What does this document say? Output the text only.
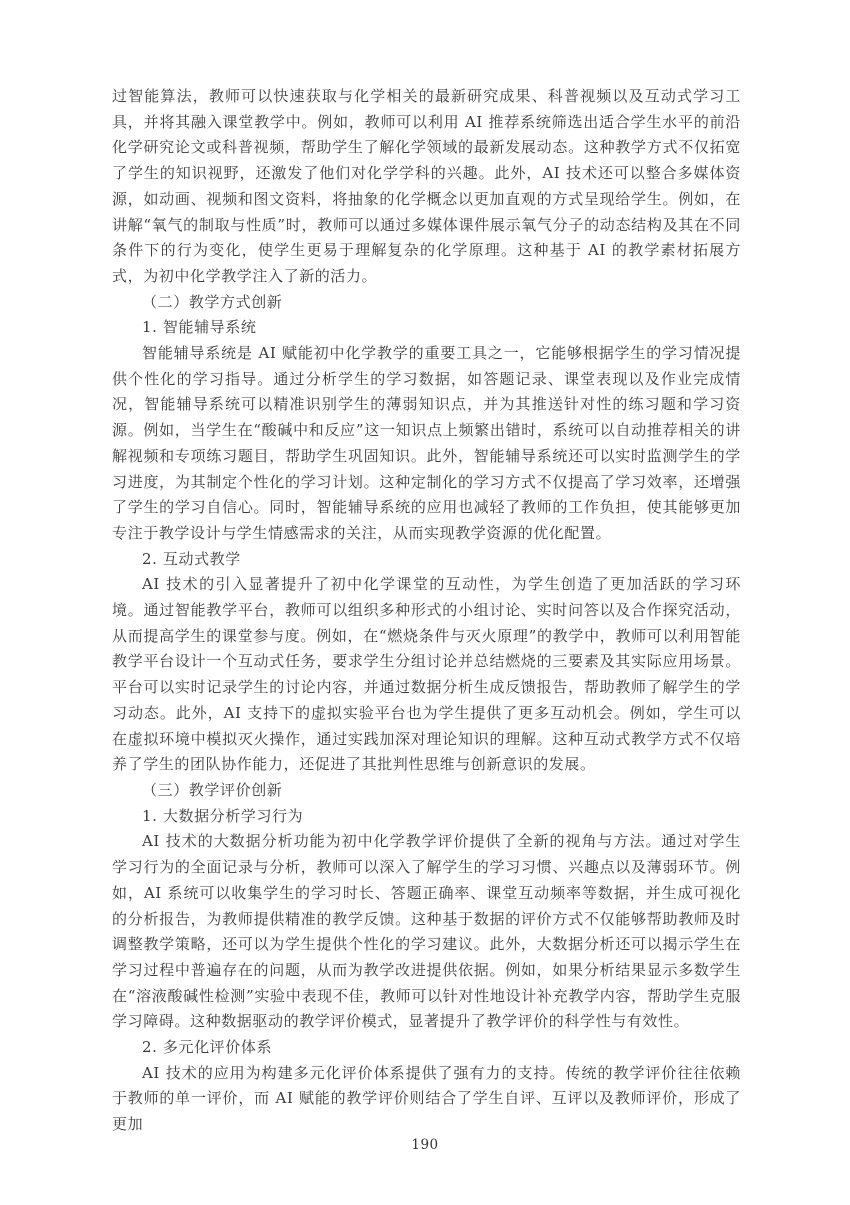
过智能算法，教师可以快速获取与化学相关的最新研究成果、科普视频以及互动式学习工具，并将其融入课堂教学中。例如，教师可以利用 AI 推荐系统筛选出适合学生水平的前沿化学研究论文或科普视频，帮助学生了解化学领域的最新发展动态。这种教学方式不仅拓宽了学生的知识视野，还激发了他们对化学学科的兴趣。此外，AI 技术还可以整合多媒体资源，如动画、视频和图文资料，将抽象的化学概念以更加直观的方式呈现给学生。例如，在讲解“氧气的制取与性质”时，教师可以通过多媒体课件展示氧气分子的动态结构及其在不同条件下的行为变化，使学生更易于理解复杂的化学原理。这种基于 AI 的教学素材拓展方式，为初中化学教学注入了新的活力。

（二）教学方式创新

1. 智能辅导系统

智能辅导系统是 AI 赋能初中化学教学的重要工具之一，它能够根据学生的学习情况提供个性化的学习指导。通过分析学生的学习数据，如答题记录、课堂表现以及作业完成情况，智能辅导系统可以精准识别学生的薄弱知识点，并为其推送针对性的练习题和学习资源。例如，当学生在“酸碱中和反应”这一知识点上频繁出错时，系统可以自动推荐相关的讲解视频和专项练习题目，帮助学生巩固知识。此外，智能辅导系统还可以实时监测学生的学习进度，为其制定个性化的学习计划。这种定制化的学习方式不仅提高了学习效率，还增强了学生的学习自信心。同时，智能辅导系统的应用也减轻了教师的工作负担，使其能够更加专注于教学设计与学生情感需求的关注，从而实现教学资源的优化配置。

2. 互动式教学

AI 技术的引入显著提升了初中化学课堂的互动性，为学生创造了更加活跃的学习环境。通过智能教学平台，教师可以组织多种形式的小组讨论、实时问答以及合作探究活动，从而提高学生的课堂参与度。例如，在“燃烧条件与灭火原理”的教学中，教师可以利用智能教学平台设计一个互动式任务，要求学生分组讨论并总结燃烧的三要素及其实际应用场景。平台可以实时记录学生的讨论内容，并通过数据分析生成反馈报告，帮助教师了解学生的学习动态。此外，AI 支持下的虚拟实验平台也为学生提供了更多互动机会。例如，学生可以在虚拟环境中模拟灭火操作，通过实践加深对理论知识的理解。这种互动式教学方式不仅培养了学生的团队协作能力，还促进了其批判性思维与创新意识的发展。

（三）教学评价创新

1. 大数据分析学习行为

AI 技术的大数据分析功能为初中化学教学评价提供了全新的视角与方法。通过对学生学习行为的全面记录与分析，教师可以深入了解学生的学习习惯、兴趣点以及薄弱环节。例如，AI 系统可以收集学生的学习时长、答题正确率、课堂互动频率等数据，并生成可视化的分析报告，为教师提供精准的教学反馈。这种基于数据的评价方式不仅能够帮助教师及时调整教学策略，还可以为学生提供个性化的学习建议。此外，大数据分析还可以揭示学生在学习过程中普遍存在的问题，从而为教学改进提供依据。例如，如果分析结果显示多数学生在“溶液酸碱性检测”实验中表现不佳，教师可以针对性地设计补充教学内容，帮助学生克服学习障碍。这种数据驱动的教学评价模式，显著提升了教学评价的科学性与有效性。

2. 多元化评价体系

AI 技术的应用为构建多元化评价体系提供了强有力的支持。传统的教学评价往往依赖于教师的单一评价，而 AI 赋能的教学评价则结合了学生自评、互评以及教师评价，形成了更加

190
